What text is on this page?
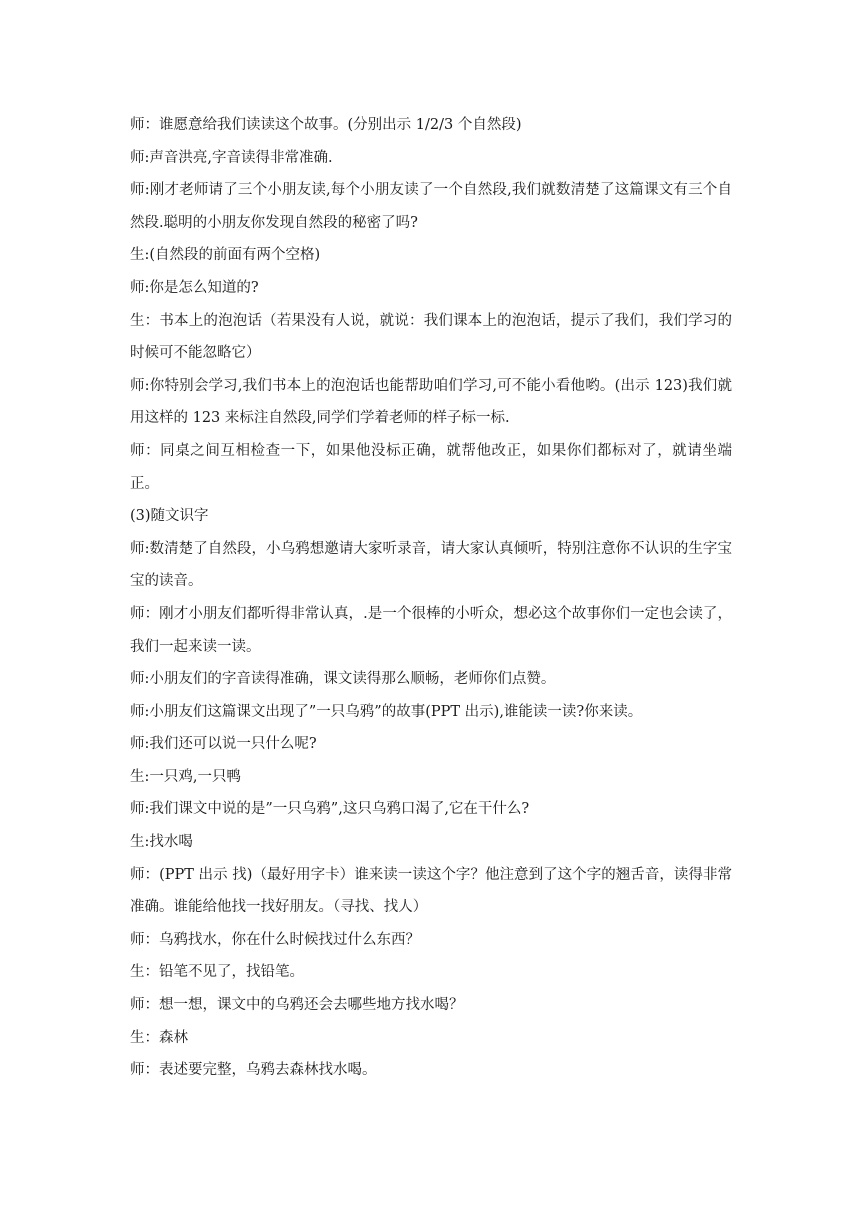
师：谁愿意给我们读读这个故事。(分别出示 1/2/3 个自然段)

师:声音洪亮,字音读得非常准确.

师:刚才老师请了三个小朋友读,每个小朋友读了一个自然段,我们就数清楚了这篇课文有三个自然段.聪明的小朋友你发现自然段的秘密了吗?

生:(自然段的前面有两个空格)

师:你是怎么知道的?

生：书本上的泡泡话（若果没有人说，就说：我们课本上的泡泡话，提示了我们，我们学习的时候可不能忽略它）

师:你特别会学习,我们书本上的泡泡话也能帮助咱们学习,可不能小看他哟。(出示 123)我们就用这样的 123 来标注自然段,同学们学着老师的样子标一标.

师：同桌之间互相检查一下，如果他没标正确，就帮他改正，如果你们都标对了，就请坐端正。

(3)随文识字

师:数清楚了自然段，小乌鸦想邀请大家听录音，请大家认真倾听，特别注意你不认识的生字宝宝的读音。

师：刚才小朋友们都听得非常认真，.是一个很棒的小听众，想必这个故事你们一定也会读了，我们一起来读一读。

师:小朋友们的字音读得准确，课文读得那么顺畅，老师你们点赞。

师:小朋友们这篇课文出现了”一只乌鸦”的故事(PPT 出示),谁能读一读?你来读。

师:我们还可以说一只什么呢?

生:一只鸡,一只鸭

师:我们课文中说的是”一只乌鸦”,这只乌鸦口渴了,它在干什么?

生:找水喝

师：(PPT 出示 找)（最好用字卡）谁来读一读这个字？他注意到了这个字的翘舌音，读得非常准确。谁能给他找一找好朋友。（寻找、找人）

师：乌鸦找水，你在什么时候找过什么东西？

生：铅笔不见了，找铅笔。

师：想一想，课文中的乌鸦还会去哪些地方找水喝？

生：森林

师：表述要完整，乌鸦去森林找水喝。
